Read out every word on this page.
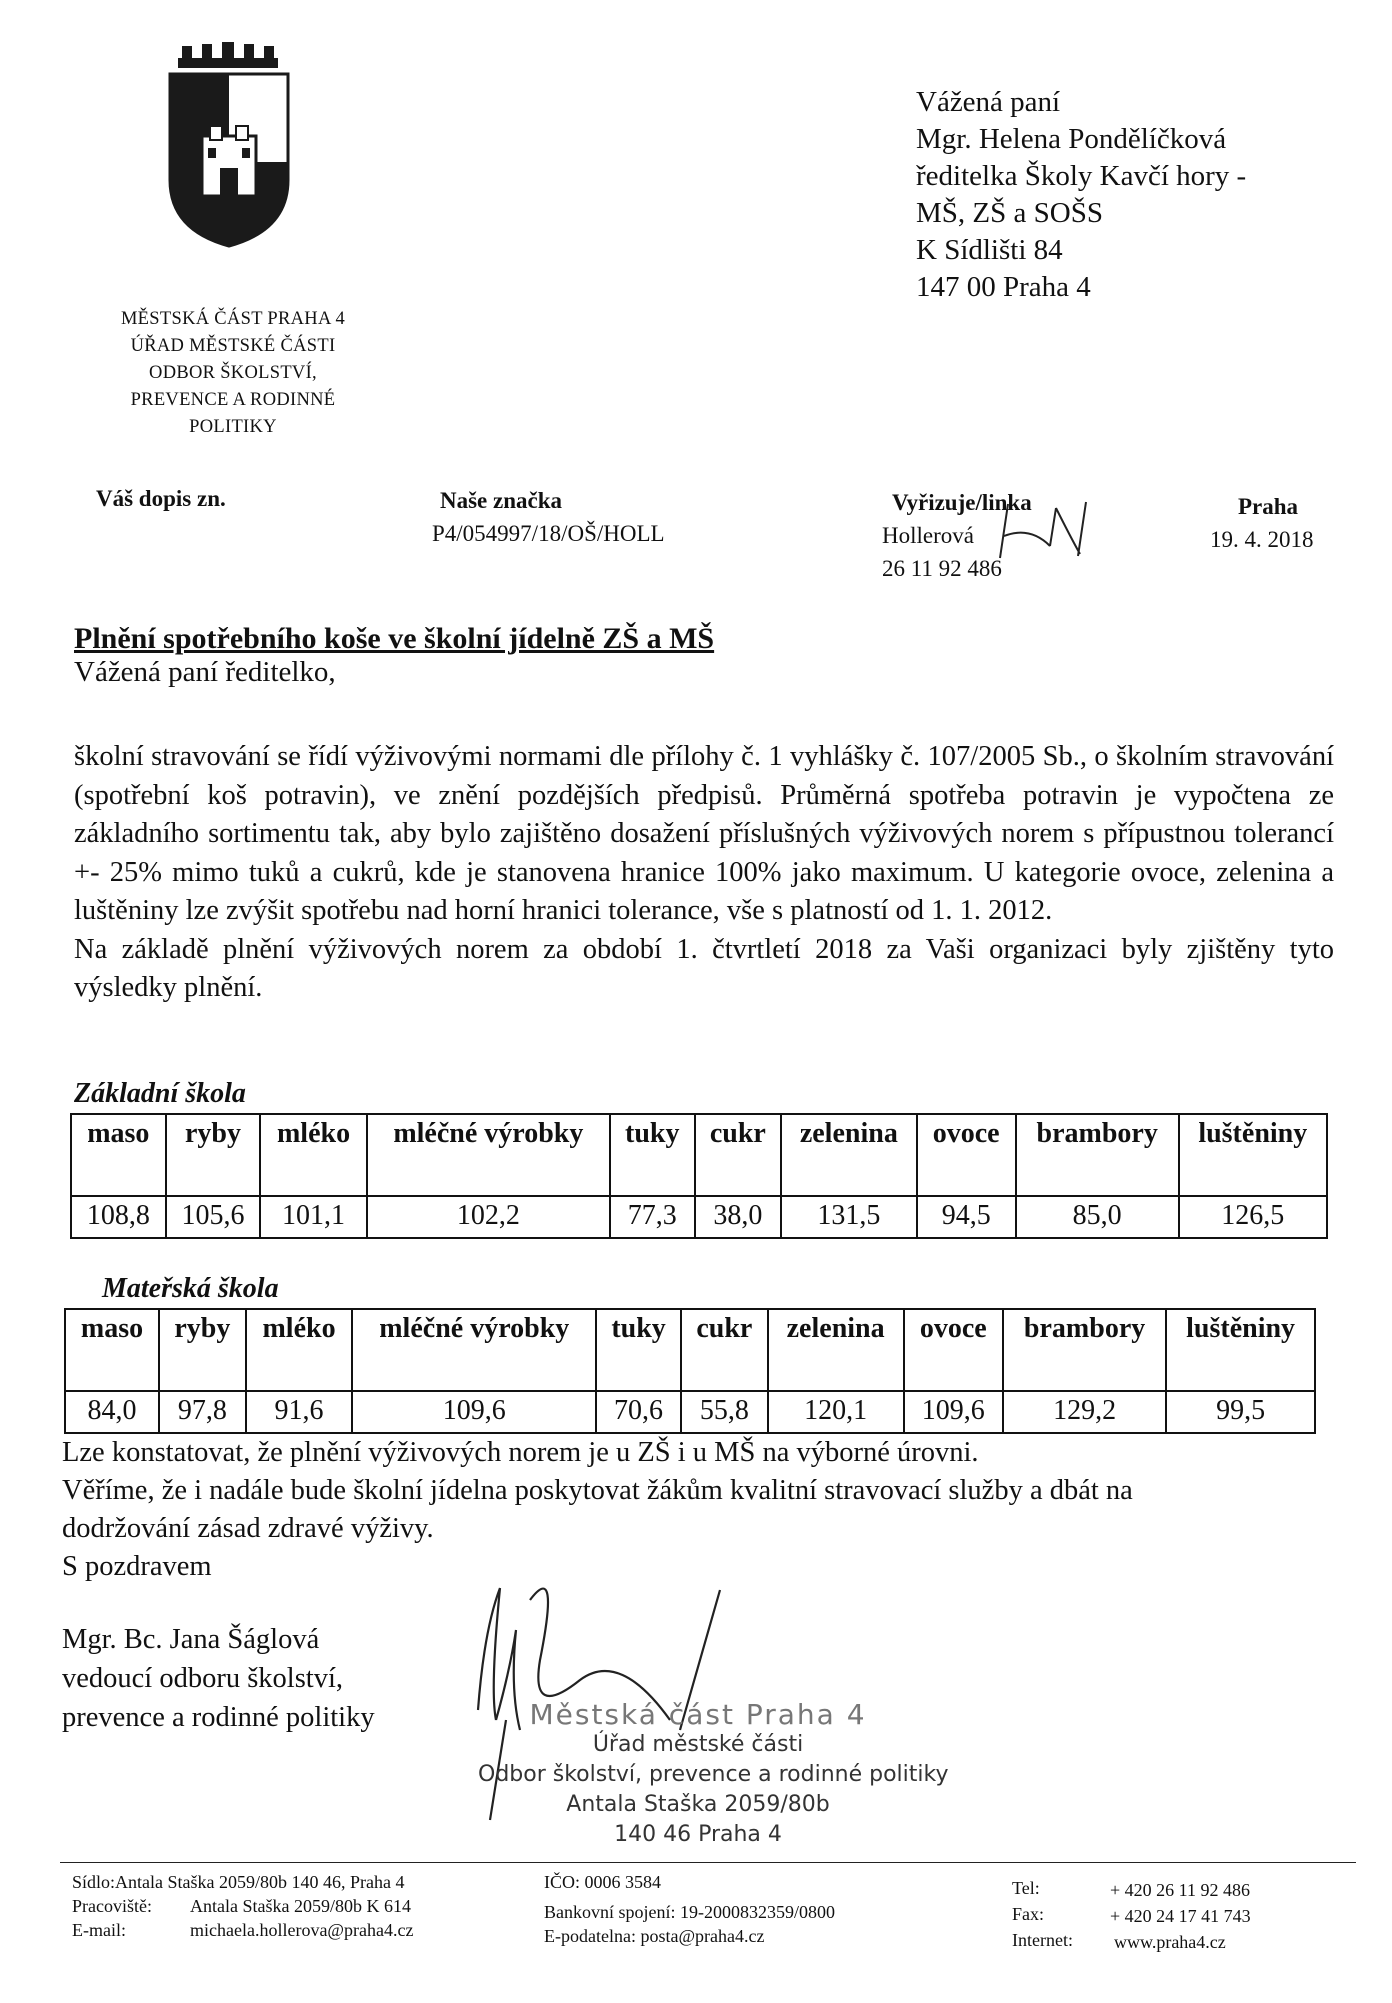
MĚSTSKÁ ČÁST PRAHA 4
ÚŘAD MĚSTSKÉ ČÁSTI
ODBOR ŠKOLSTVÍ,
PREVENCE A RODINNÉ
POLITIKY
Vážená paní
Mgr. Helena Pondělíčková
ředitelka Školy Kavčí hory -
MŠ, ZŠ a SOŠS
K Sídlišti 84
147 00 Praha 4
Váš dopis zn.	Naše značka
P4/054997/18/OŠ/HOLL
Vyřizuje/linka
Hollerová
26 11 92 486
Praha
19. 4. 2018
Plnění spotřebního koše ve školní jídelně ZŠ a MŠ
Vážená paní ředitelko,

školní stravování se řídí výživovými normami dle přílohy č. 1 vyhlášky č. 107/2005 Sb., o školním stravování (spotřební koš potravin), ve znění pozdějších předpisů. Průměrná spotřeba potravin je vypočtena ze základního sortimentu tak, aby bylo zajištěno dosažení příslušných výživových norem s přípustnou tolerancí +- 25% mimo tuků a cukrů, kde je stanovena hranice 100% jako maximum. U kategorie ovoce, zelenina a luštěniny lze zvýšit spotřebu nad horní hranici tolerance, vše s platností od 1. 1. 2012.

Na základě plnění výživových norem za období 1. čtvrtletí 2018 za Vaši organizaci byly zjištěny tyto výsledky plnění.

Základní škola
maso	ryby	mléko	mléčné výrobky	tuky	cukr	zelenina	ovoce	brambory	luštěniny
108,8	105,6	101,1	102,2	77,3	38,0	131,5	94,5	85,0	126,5
Mateřská škola
maso	ryby	mléko	mléčné výrobky	tuky	cukr	zelenina	ovoce	brambory	luštěniny
84,0	97,8	91,6	109,6	70,6	55,8	120,1	109,6	129,2	99,5
Lze konstatovat, že plnění výživových norem je u ZŠ i u MŠ na výborné úrovni.
Věříme, že i nadále bude školní jídelna poskytovat žákům kvalitní stravovací služby a dbát na
dodržování zásad zdravé výživy.
S pozdravem
Mgr. Bc. Jana Šáglová
vedoucí odboru školství,
prevence a rodinné politiky	Městská část Praha 4
Úřad městské části
Odbor školství, prevence a rodinné politiky
Antala Staška 2059/80b
140 46 Praha 4
Sídlo:Antala Staška 2059/80b 140 46, Praha 4
Pracoviště: Antala Staška 2059/80b K 614
E-mail:	michaela.hollerova@praha4.cz
IČO: 0006 3584
Bankovní spojení: 19-2000832359/0800
E-podatelna: posta@praha4.cz
Tel:	+ 420 26 11 92 486
Fax:	+ 420 24 17 41 743
Internet: www.praha4.cz
